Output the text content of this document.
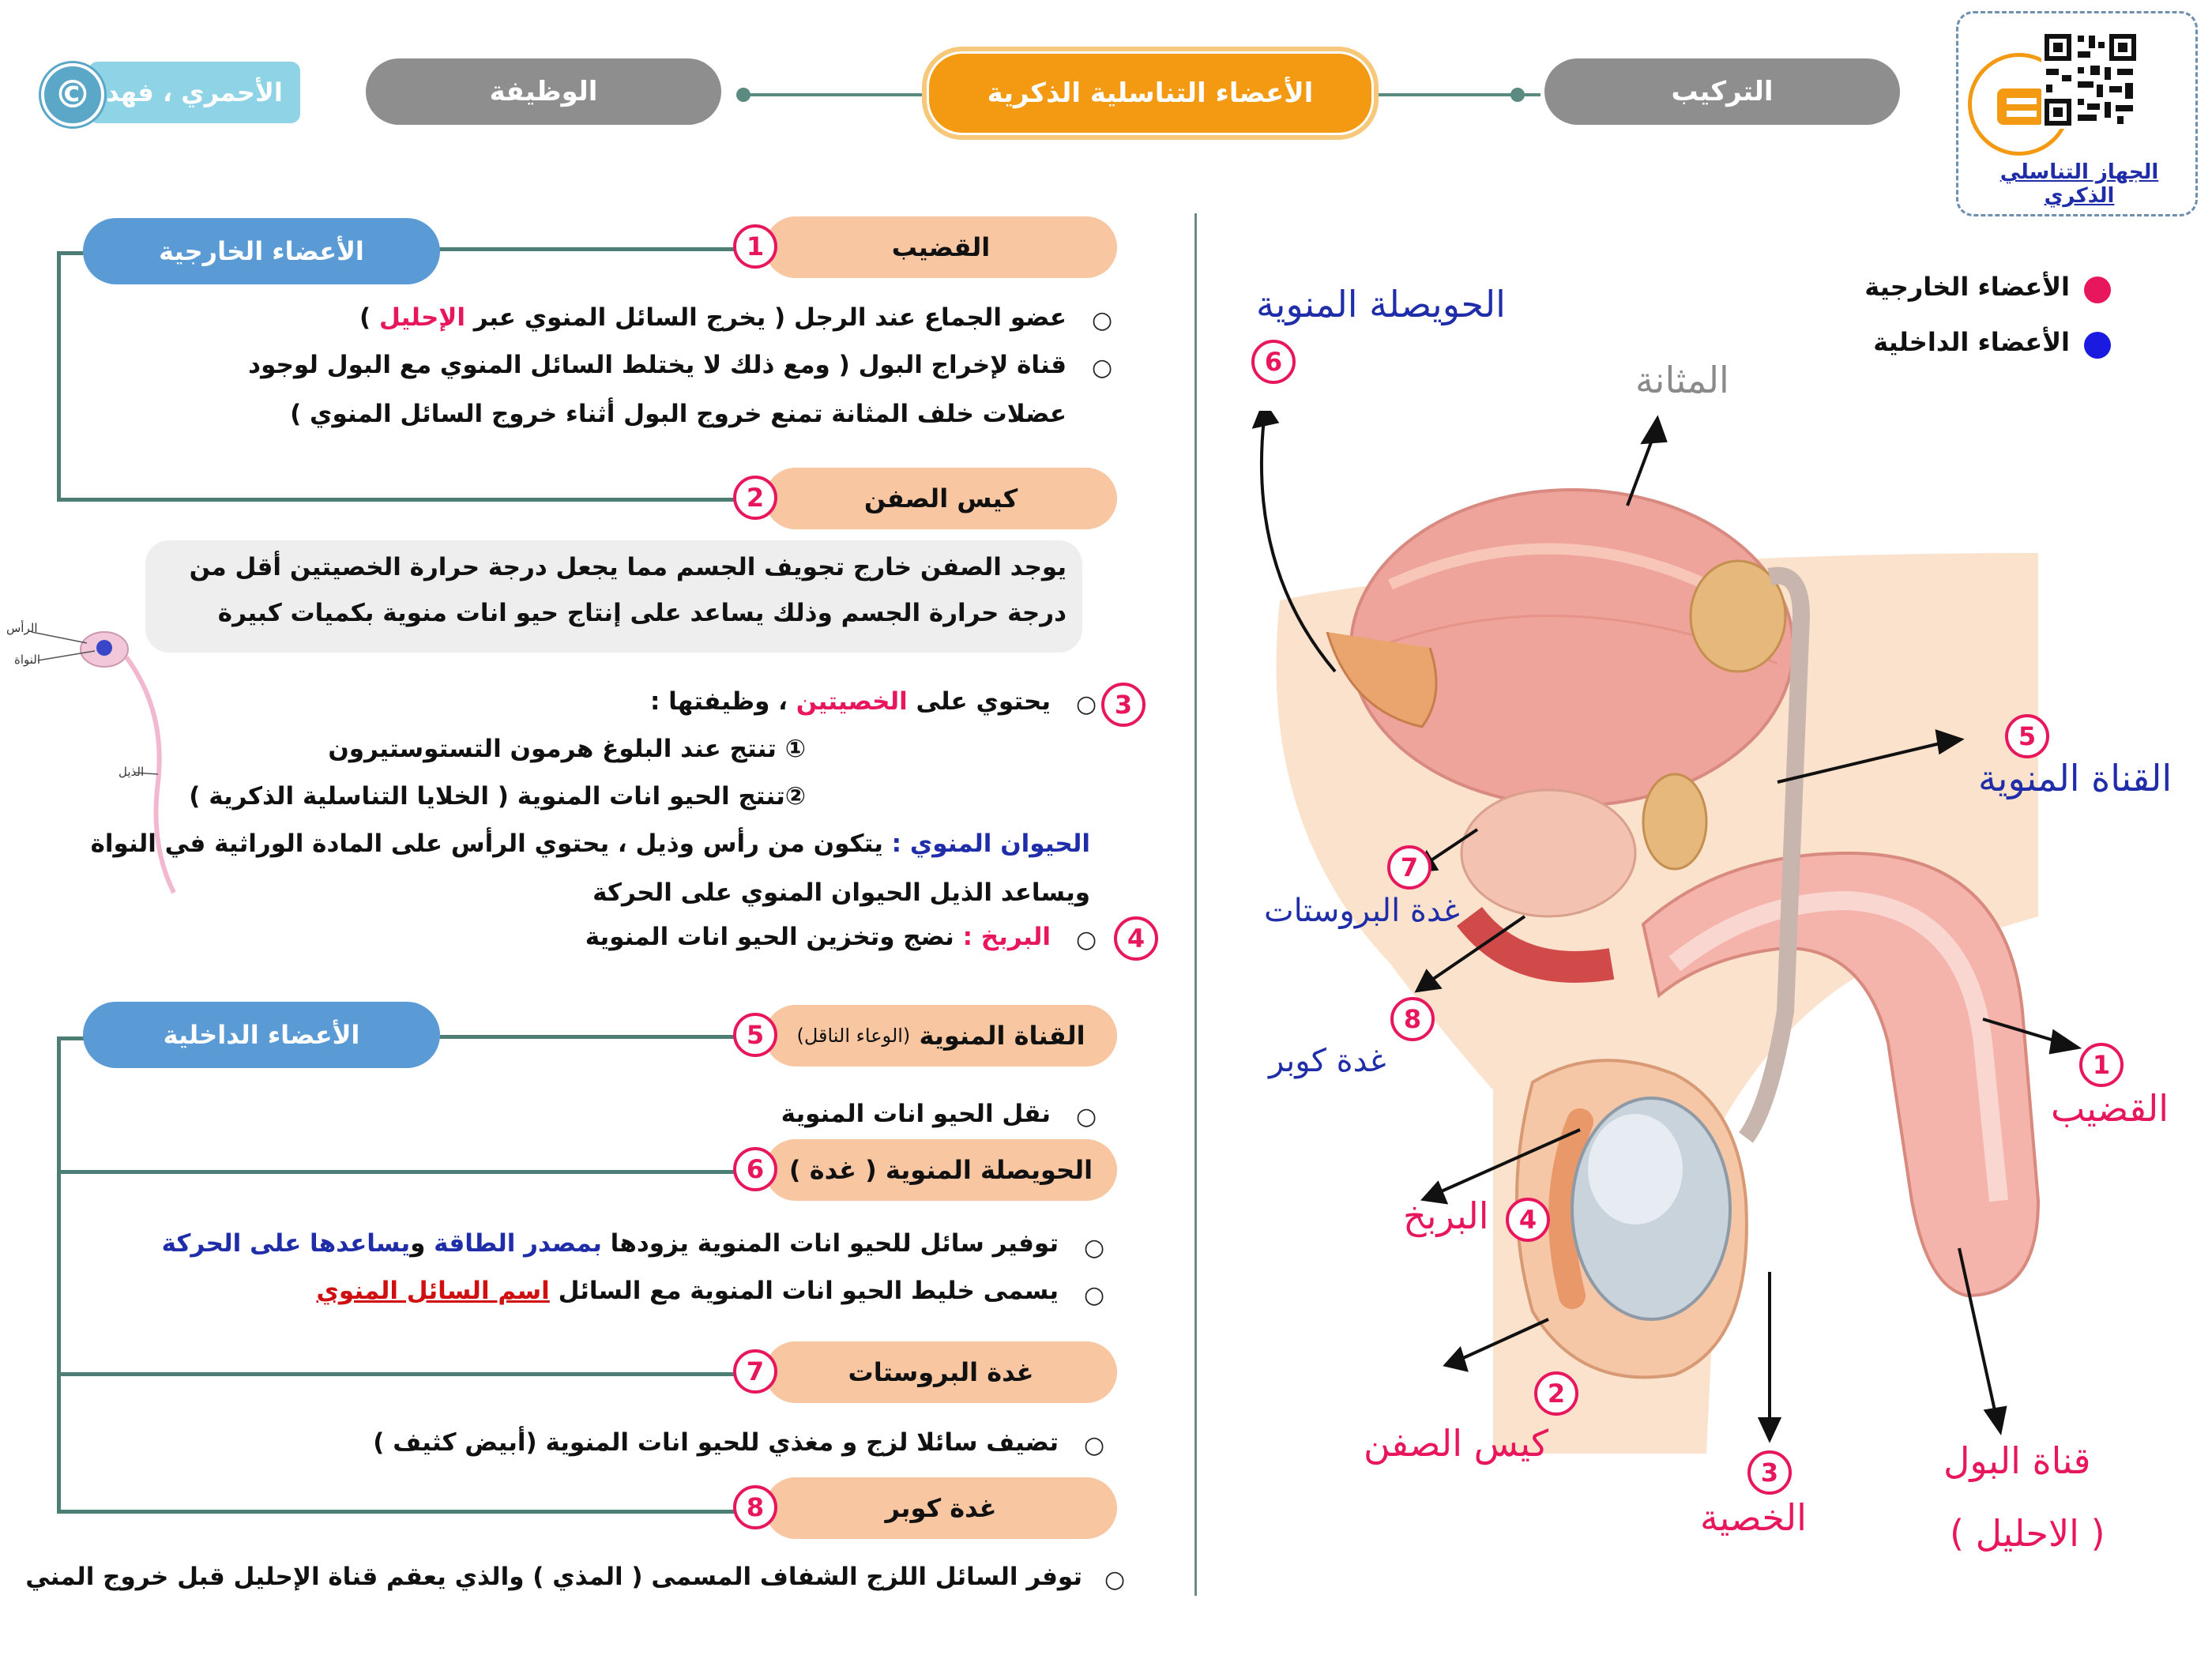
الوظيفة	الأعضاء التناسلية الذكرية	التركيب
الأحمري ، فهد
©
الجهاز التناسلي الذكري
الأعضاء الخارجية
الأعضاء الداخلية
الأعضاء الخارجية	القضيب
1
○
عضو الجماع عند الرجل ( يخرج السائل المنوي عبر الإحليل )
○
قناة لإخراج البول ( ومع ذلك لا يختلط السائل المنوي مع البول لوجود
عضلات خلف المثانة تمنع خروج البول أثناء خروج السائل المنوي )
كيس الصفن
2
يوجد الصفن خارج تجويف الجسم مما يجعل درجة حرارة الخصيتين أقل من
درجة حرارة الجسم وذلك يساعد على إنتاج حيو انات منوية بكميات كبيرة
الرأس
النواة
الذيل
3
○
يحتوي على الخصيتين ، وظيفتها :
① تنتج عند البلوغ هرمون التستوستيرون
②تنتج الحيو انات المنوية ( الخلايا التناسلية الذكرية )
الحيوان المنوي : يتكون من رأس وذيل ، يحتوي الرأس على المادة الوراثية في النواة
ويساعد الذيل الحيوان المنوي على الحركة
4
○
البربخ : نضج وتخزين الحيو انات المنوية
الأعضاء الداخلية	القناة المنوية

(الوعاء الناقل)
5
○
نقل الحيو انات المنوية
الحويصلة المنوية ( غدة )
6
○
توفير سائل للحيو انات المنوية يزودها بمصدر الطاقة ويساعدها على الحركة
○
يسمى خليط الحيو انات المنوية مع السائل اسم السائل المنوي
غدة البروستات
7
○
تضيف سائلا لزج و مغذي للحيو انات المنوية (أبيض كثيف )
غدة كوبر
8
○
توفر السائل اللزج الشفاف المسمى ( المذي ) والذي يعقم قناة الإحليل قبل خروج المني
الحويصلة المنوية
6	المثانة
5
القناة المنوية
7
غدة البروستات
8
غدة كوبر	1
القضيب
4
البربخ
2
كيس الصفن
3
الخصية
قناة البول
( الاحليل )
